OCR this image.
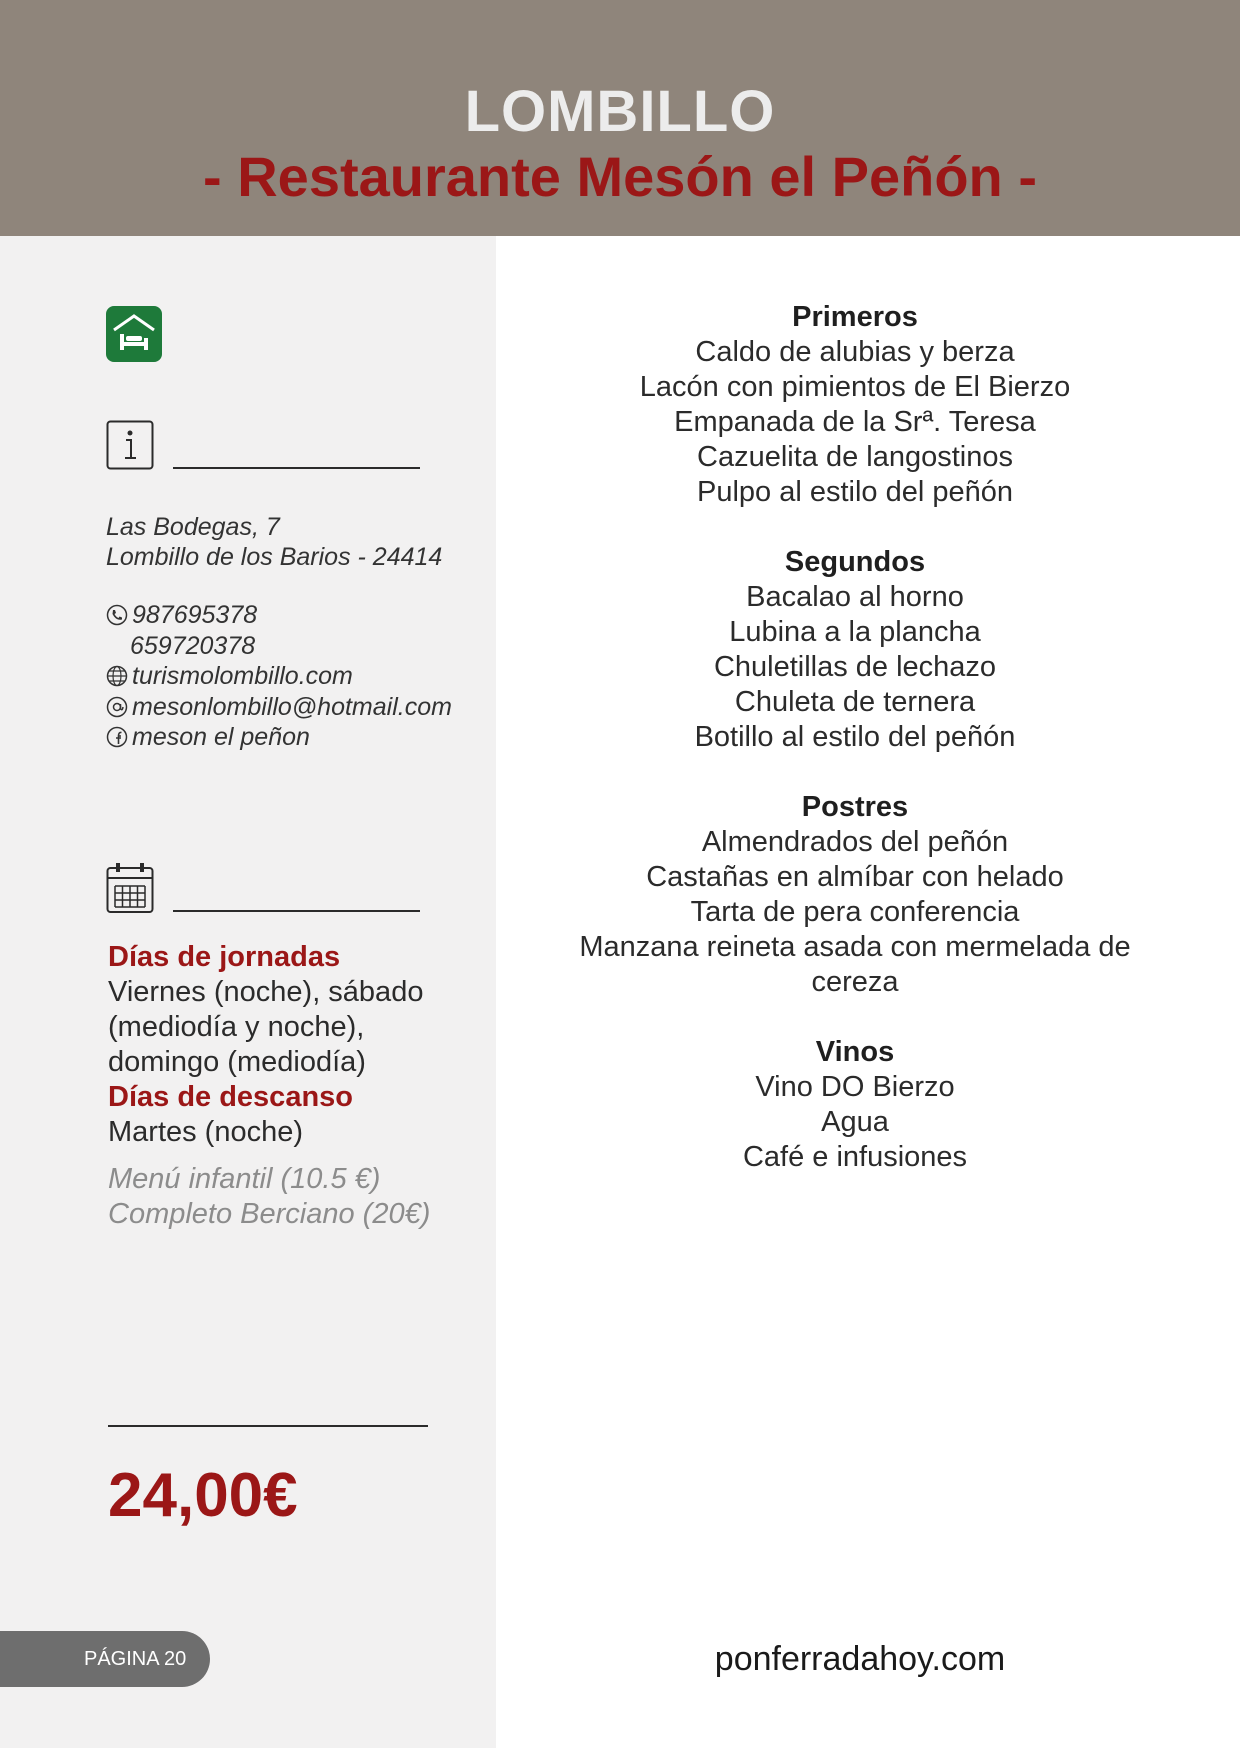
LOMBILLO
- Restaurante Mesón el Peñón -
Las Bodegas, 7
Lombillo de los Barios - 24414
987695378
659720378
turismolombillo.com
mesonlombillo@hotmail.com
meson el peñon
Días de jornadas
Viernes (noche), sábado (mediodía y noche), domingo (mediodía)
Días de descanso
Martes (noche)
Menú infantil (10.5 €)
Completo Berciano (20€)
24,00€
PÁGINA 20
Primeros
Caldo de alubias y berza
Lacón con pimientos de El Bierzo
Empanada de la Srª. Teresa
Cazuelita de langostinos
Pulpo al estilo del peñón
Segundos
Bacalao al horno
Lubina a la plancha
Chuletillas de lechazo
Chuleta de ternera
Botillo al estilo del peñón
Postres
Almendrados del peñón
Castañas en almíbar con helado
Tarta de pera conferencia
Manzana reineta asada con mermelada de cereza
Vinos
Vino DO Bierzo
Agua
Café e infusiones
ponferradahoy.com
